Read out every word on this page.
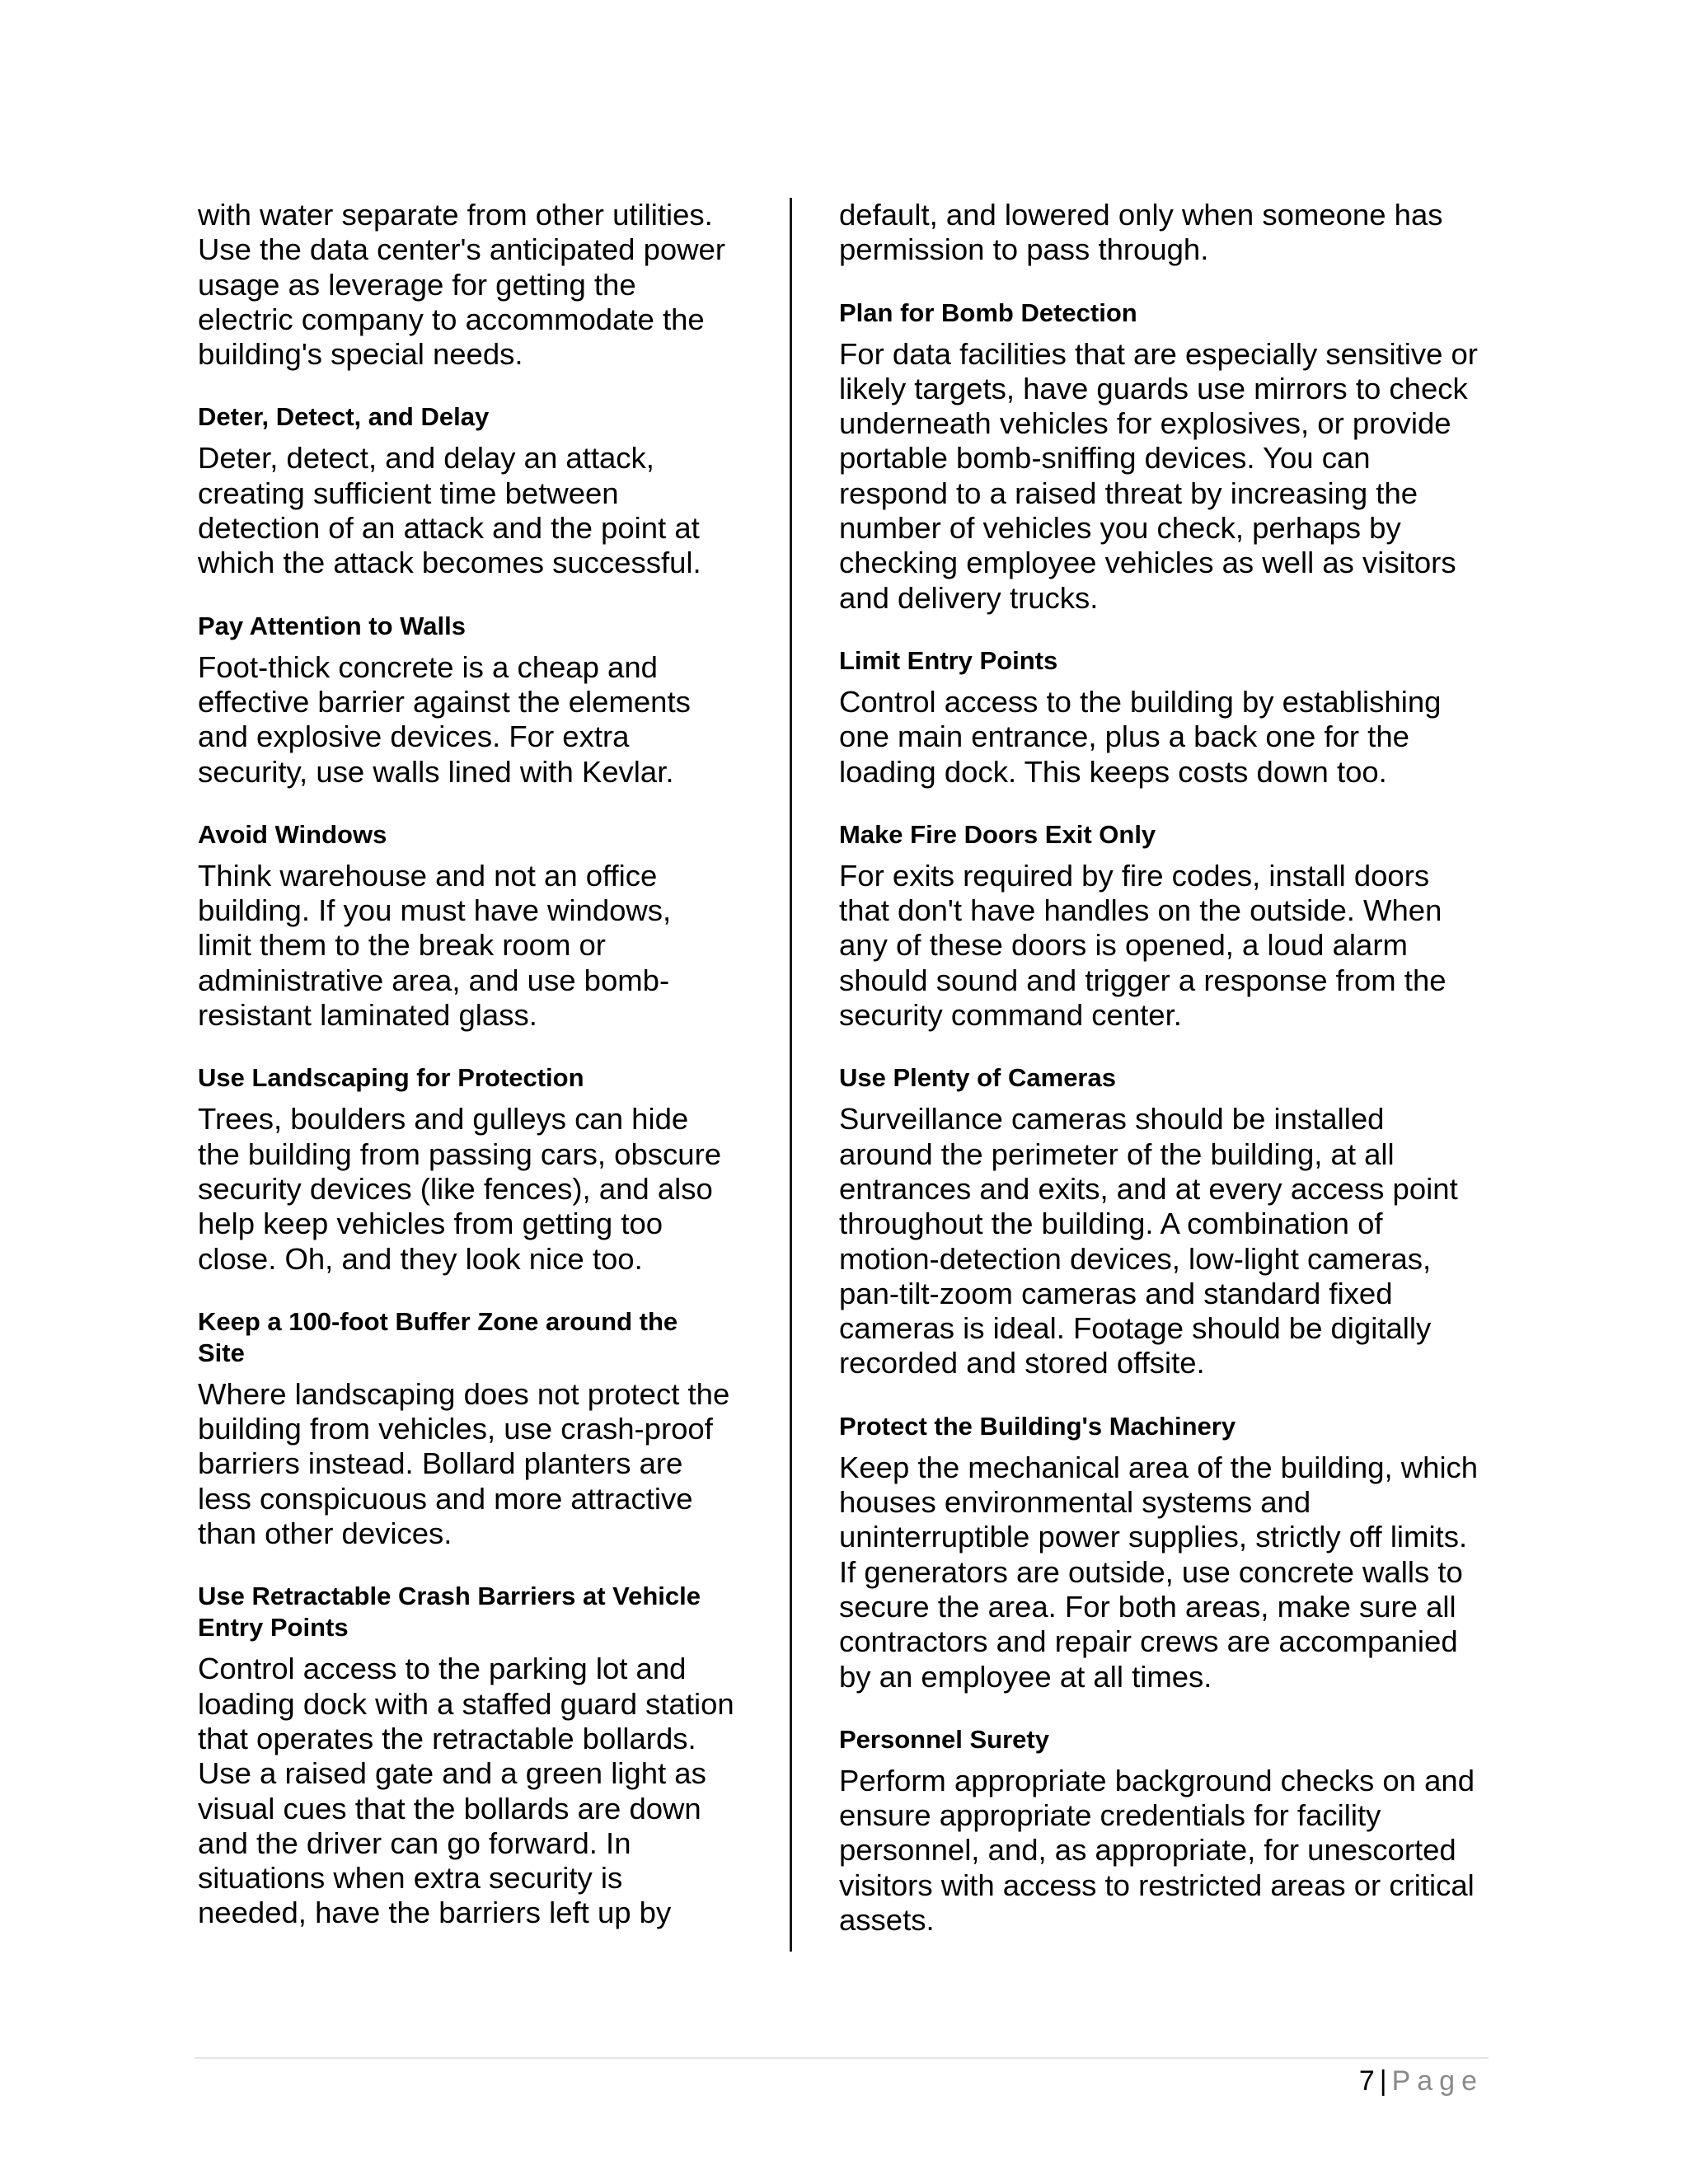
with water separate from other utilities.
Use the data center's anticipated power
usage as leverage for getting the
electric company to accommodate the
building's special needs.

Deter, Detect, and Delay

Deter, detect, and delay an attack,
creating sufficient time between
detection of an attack and the point at
which the attack becomes successful.

Pay Attention to Walls

Foot-thick concrete is a cheap and
effective barrier against the elements
and explosive devices. For extra
security, use walls lined with Kevlar.

Avoid Windows

Think warehouse and not an office
building. If you must have windows,
limit them to the break room or
administrative area, and use bomb-
resistant laminated glass.

Use Landscaping for Protection

Trees, boulders and gulleys can hide
the building from passing cars, obscure
security devices (like fences), and also
help keep vehicles from getting too
close. Oh, and they look nice too.

Keep a 100-foot Buffer Zone around the
Site

Where landscaping does not protect the
building from vehicles, use crash-proof
barriers instead. Bollard planters are
less conspicuous and more attractive
than other devices.

Use Retractable Crash Barriers at Vehicle
Entry Points

Control access to the parking lot and
loading dock with a staffed guard station
that operates the retractable bollards.
Use a raised gate and a green light as
visual cues that the bollards are down
and the driver can go forward. In
situations when extra security is
needed, have the barriers left up by

default, and lowered only when someone has
permission to pass through.

Plan for Bomb Detection

For data facilities that are especially sensitive or
likely targets, have guards use mirrors to check
underneath vehicles for explosives, or provide
portable bomb-sniffing devices. You can
respond to a raised threat by increasing the
number of vehicles you check, perhaps by
checking employee vehicles as well as visitors
and delivery trucks.

Limit Entry Points

Control access to the building by establishing
one main entrance, plus a back one for the
loading dock. This keeps costs down too.

Make Fire Doors Exit Only

For exits required by fire codes, install doors
that don't have handles on the outside. When
any of these doors is opened, a loud alarm
should sound and trigger a response from the
security command center.

Use Plenty of Cameras

Surveillance cameras should be installed
around the perimeter of the building, at all
entrances and exits, and at every access point
throughout the building. A combination of
motion-detection devices, low-light cameras,
pan-tilt-zoom cameras and standard fixed
cameras is ideal. Footage should be digitally
recorded and stored offsite.

Protect the Building's Machinery

Keep the mechanical area of the building, which
houses environmental systems and
uninterruptible power supplies, strictly off limits.
If generators are outside, use concrete walls to
secure the area. For both areas, make sure all
contractors and repair crews are accompanied
by an employee at all times.

Personnel Surety

Perform appropriate background checks on and
ensure appropriate credentials for facility
personnel, and, as appropriate, for unescorted
visitors with access to restricted areas or critical
assets.

7 | Page
